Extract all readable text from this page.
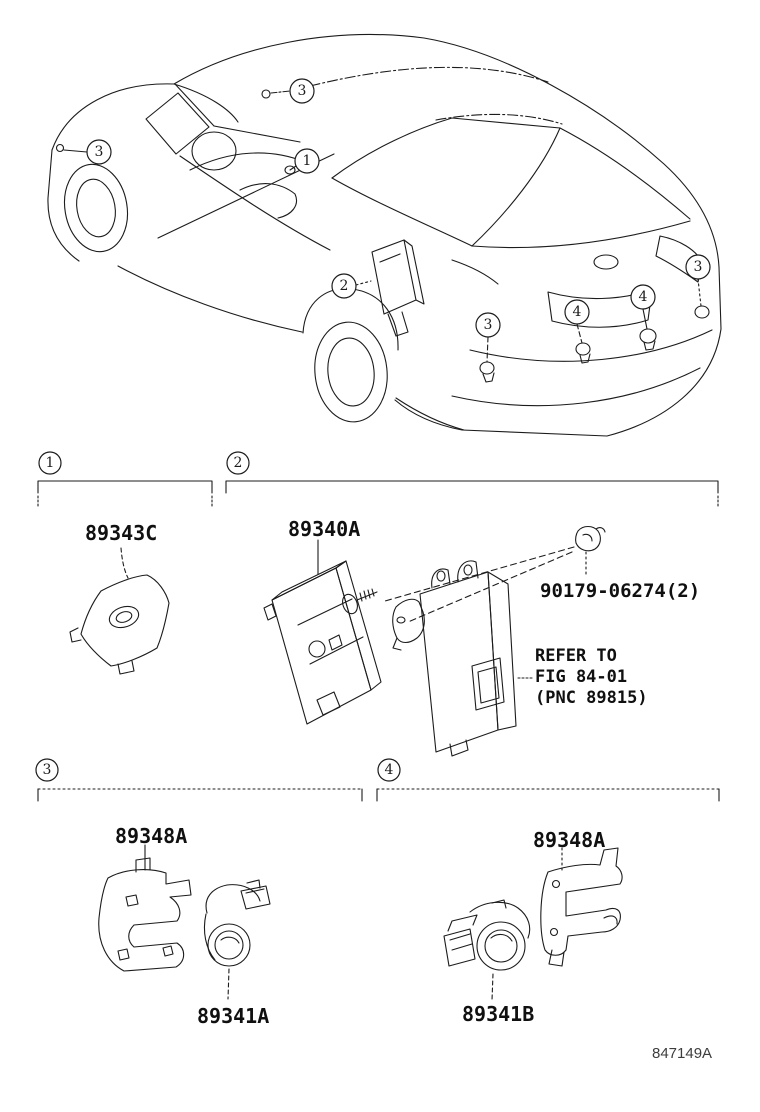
3
3
1
2
3
4
4
3
1	2
3	4
89343C	89340A
90179-06274(2)
REFER TO
FIG 84-01
(PNC 89815)
89348A
89341A
89348A
89341B
847149A
